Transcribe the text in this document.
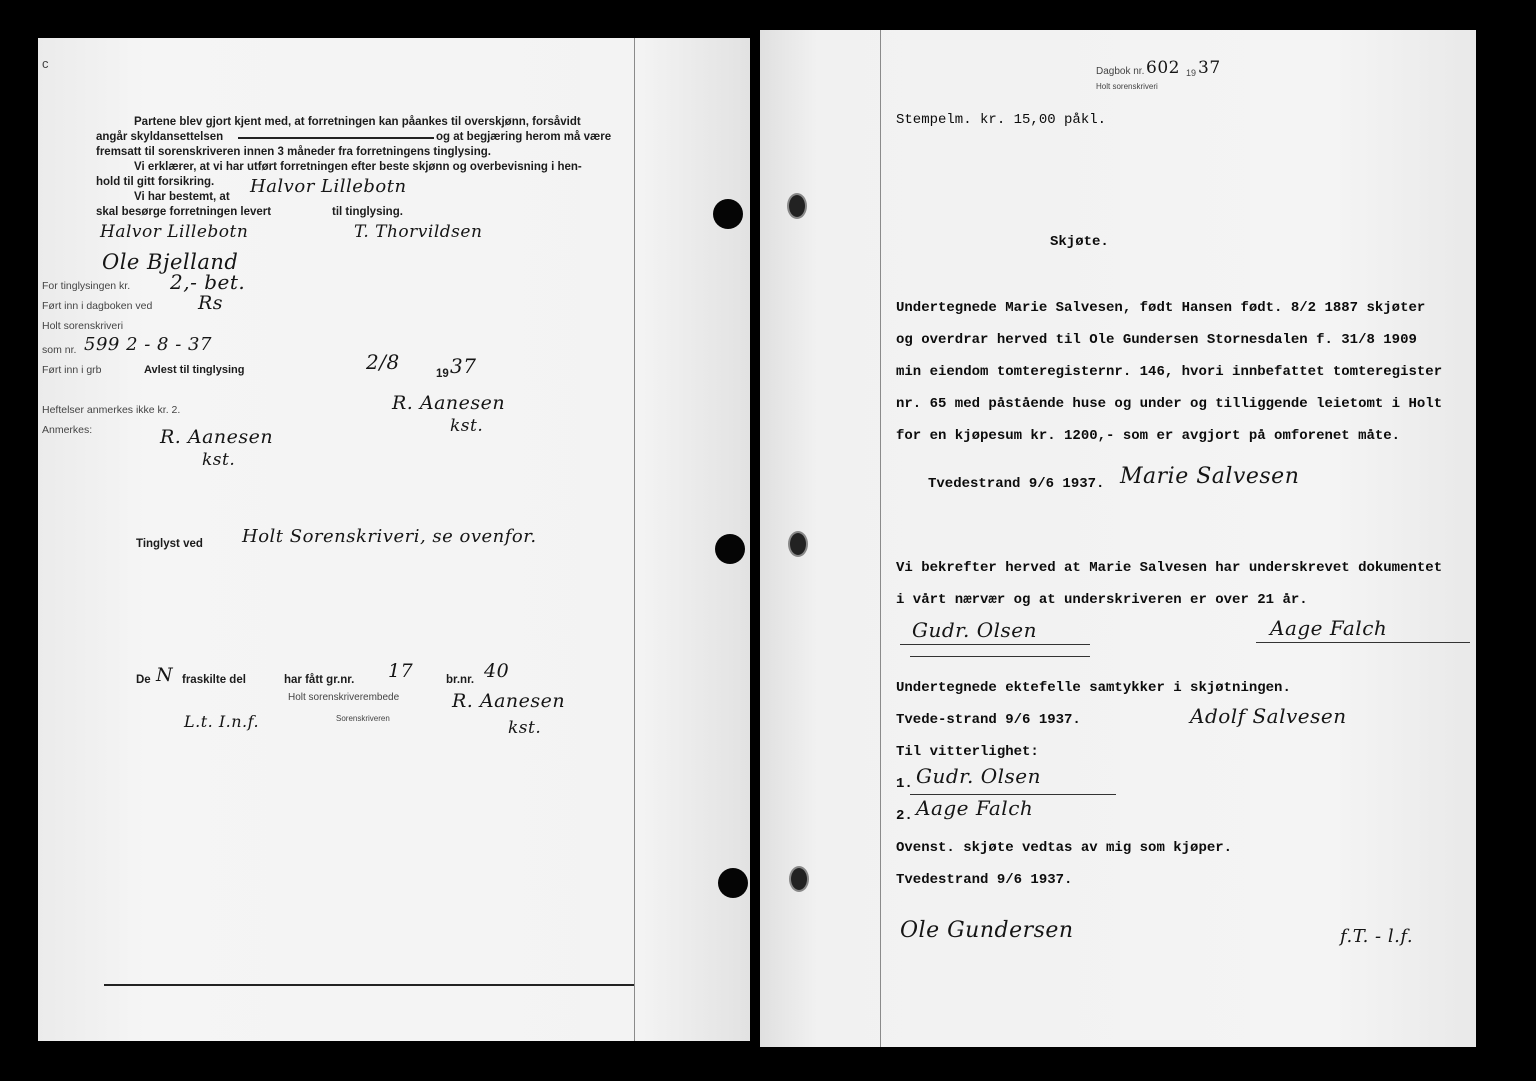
c
Partene blev gjort kjent med, at forretningen kan påankes til overskjønn, forsåvidt
angår skyldansettelsen	og at begjæring herom må være
fremsatt til sorenskriveren innen 3 måneder fra forretningens tinglysing.
Vi erklærer, at vi har utført forretningen efter beste skjønn og overbevisning i hen-
hold til gitt forsikring.
Vi har bestemt, at Halvor Lillebotn
skal besørge forretningen levert	til tinglysing.
Halvor Lillebotn	T. Thorvildsen
Ole Bjelland
For tinglysingen kr. 2,- bet.
Ført inn i dagboken ved Rs
Holt sorenskriveri
som nr. 599 2 - 8 - 37
Ført inn i grb	Avlest til tinglysing	2/8	19 37
Heftelser anmerkes ikke kr. 2.
Anmerkes:
R. Aanesen
kst.
R. Aanesen
kst.
Tinglyst ved Holt Sorenskriveri, se ovenfor.
De N fraskilte del	har fått gr.nr. 17	br.nr. 40
Holt sorenskriverembede
Sorenskriveren
R. Aanesen
kst.
L.t. I.n.f.
Dagbok nr. 602 19 37
Holt sorenskriveri
Stempelm. kr. 15,00 påkl.
Skjøte.
Undertegnede Marie Salvesen, født Hansen født. 8/2 1887 skjøter
og overdrar herved til Ole Gundersen Stornesdalen f. 31/8 1909
min eiendom tomteregisternr. 146, hvori innbefattet tomteregister
nr. 65 med påstående huse og under og tilliggende leietomt i Holt
for en kjøpesum kr. 1200,- som er avgjort på omforenet måte.
Tvedestrand 9/6 1937. Marie Salvesen
Vi bekrefter herved at Marie Salvesen har underskrevet dokumentet
i vårt nærvær og at underskriveren er over 21 år.
Gudr. Olsen	Aage Falch
Undertegnede ektefelle samtykker i skjøtningen.
Tvede-strand 9/6 1937.	Adolf Salvesen
Til vitterlighet:
1. Gudr. Olsen
2. Aage Falch
Ovenst. skjøte vedtas av mig som kjøper.
Tvedestrand 9/6 1937.
Ole Gundersen	f.T. - l.f.
